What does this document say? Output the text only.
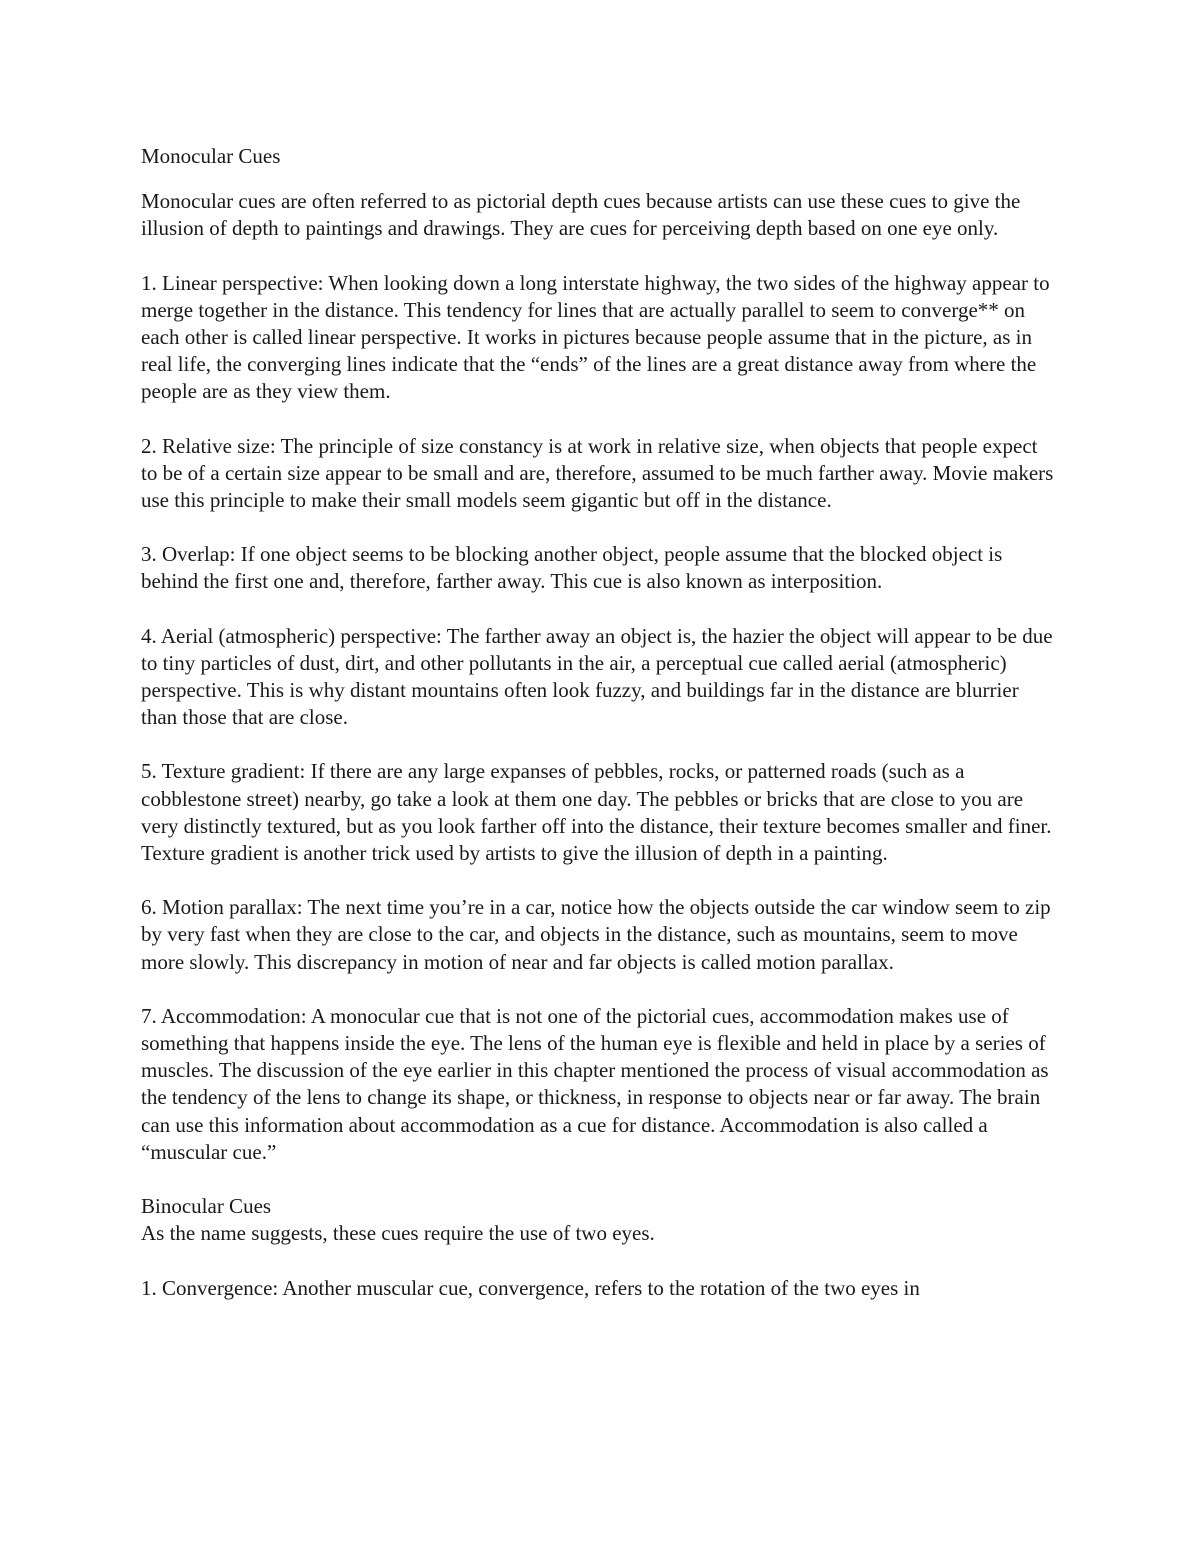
Monocular Cues

Monocular cues are often referred to as pictorial depth cues because artists can use these cues to give the illusion of depth to paintings and drawings. They are cues for perceiving depth based on one eye only.

1. Linear perspective: When looking down a long interstate highway, the two sides of the highway appear to merge together in the distance. This tendency for lines that are actually parallel to seem to converge** on each other is called linear perspective. It works in pictures because people assume that in the picture, as in real life, the converging lines indicate that the “ends” of the lines are a great distance away from where the people are as they view them.

2. Relative size: The principle of size constancy is at work in relative size, when objects that people expect to be of a certain size appear to be small and are, therefore, assumed to be much farther away. Movie makers use this principle to make their small models seem gigantic but off in the distance.

3. Overlap: If one object seems to be blocking another object, people assume that the blocked object is behind the first one and, therefore, farther away. This cue is also known as interposition.

4. Aerial (atmospheric) perspective: The farther away an object is, the hazier the object will appear to be due to tiny particles of dust, dirt, and other pollutants in the air, a perceptual cue called aerial (atmospheric) perspective. This is why distant mountains often look fuzzy, and buildings far in the distance are blurrier than those that are close.

5. Texture gradient: If there are any large expanses of pebbles, rocks, or patterned roads (such as a cobblestone street) nearby, go take a look at them one day. The pebbles or bricks that are close to you are very distinctly textured, but as you look farther off into the distance, their texture becomes smaller and finer. Texture gradient is another trick used by artists to give the illusion of depth in a painting.

6. Motion parallax: The next time you’re in a car, notice how the objects outside the car window seem to zip by very fast when they are close to the car, and objects in the distance, such as mountains, seem to move more slowly. This discrepancy in motion of near and far objects is called motion parallax.

7. Accommodation: A monocular cue that is not one of the pictorial cues, accommodation makes use of something that happens inside the eye. The lens of the human eye is flexible and held in place by a series of muscles. The discussion of the eye earlier in this chapter mentioned the process of visual accommodation as the tendency of the lens to change its shape, or thickness, in response to objects near or far away. The brain can use this information about accommodation as a cue for distance. Accommodation is also called a “muscular cue.”

Binocular Cues

As the name suggests, these cues require the use of two eyes.

1. Convergence: Another muscular cue, convergence, refers to the rotation of the two eyes in
